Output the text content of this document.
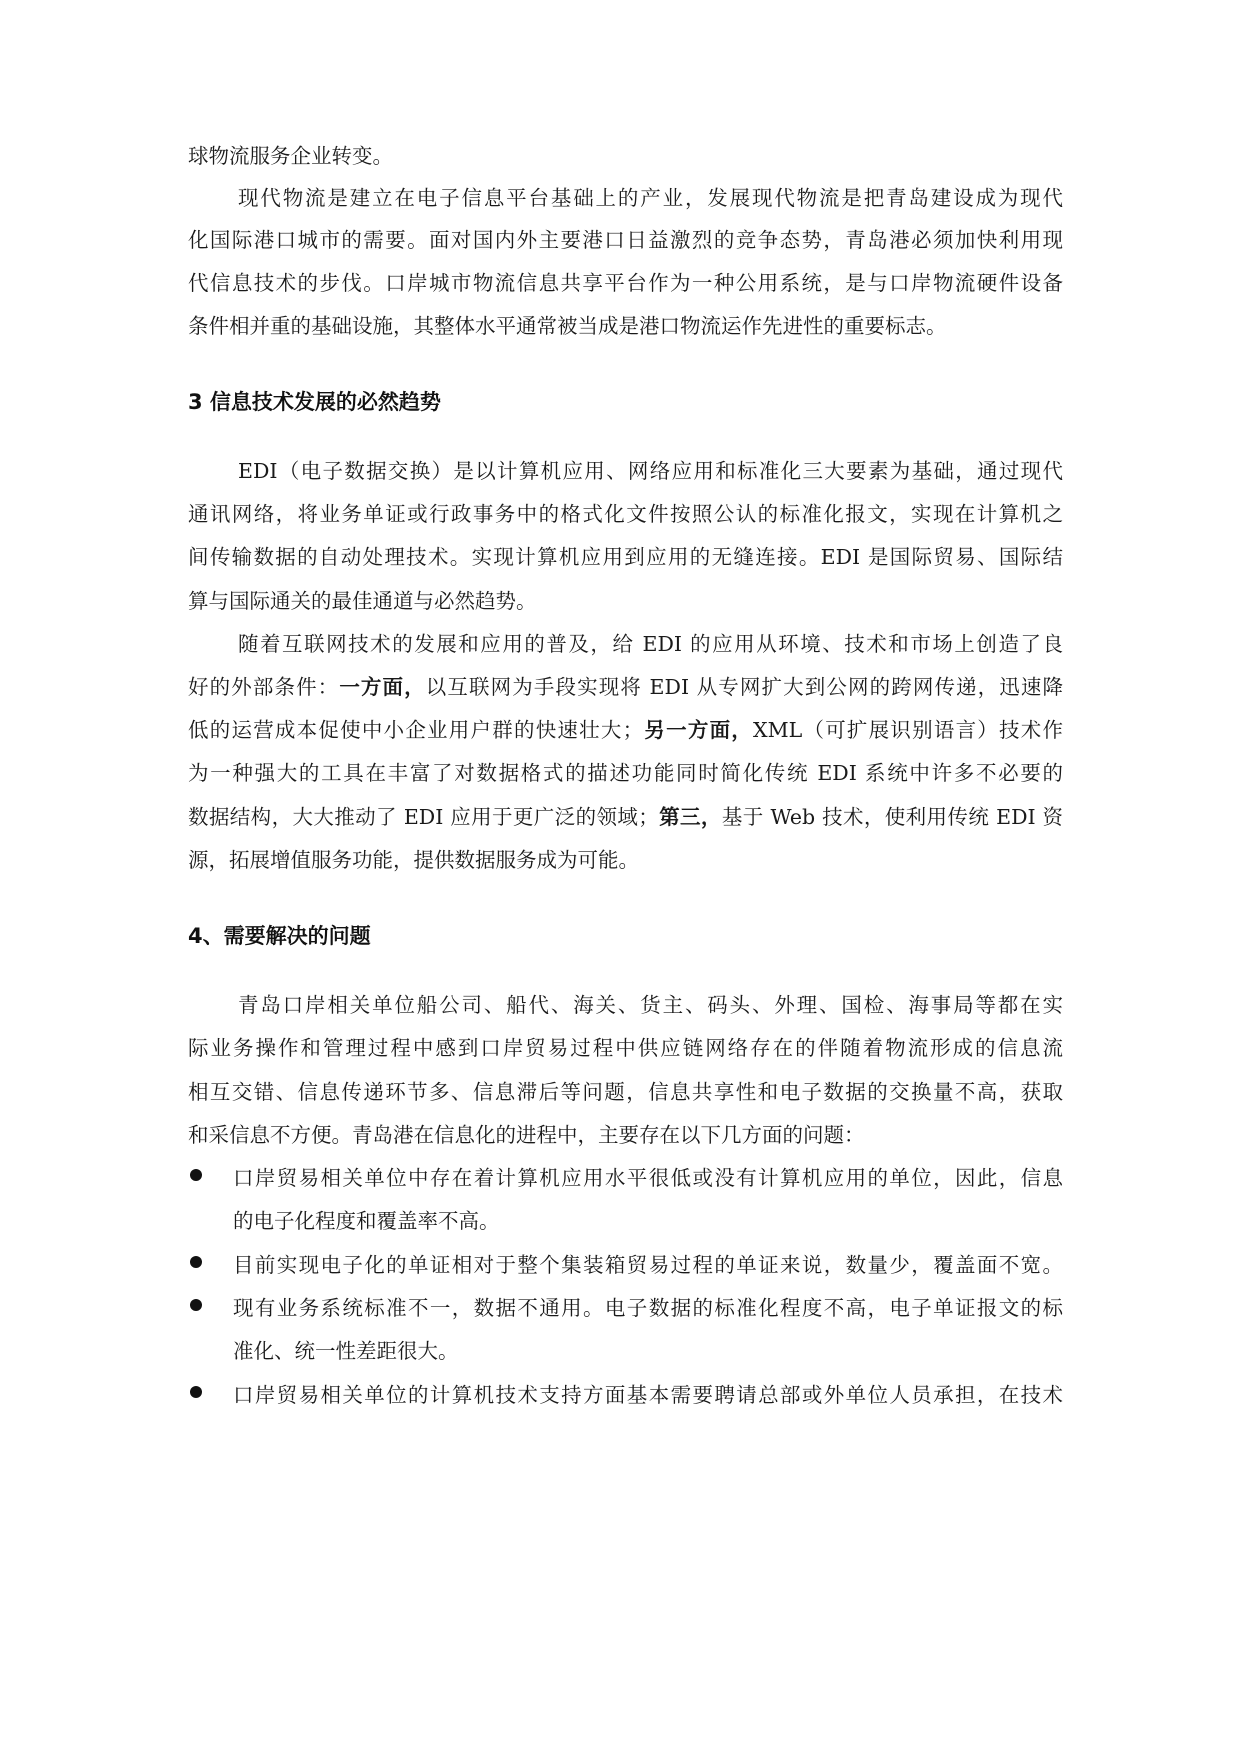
球物流服务企业转变。
现代物流是建立在电子信息平台基础上的产业，发展现代物流是把青岛建设成为现代
化国际港口城市的需要。面对国内外主要港口日益激烈的竞争态势，青岛港必须加快利用现
代信息技术的步伐。口岸城市物流信息共享平台作为一种公用系统，是与口岸物流硬件设备
条件相并重的基础设施，其整体水平通常被当成是港口物流运作先进性的重要标志。
3 信息技术发展的必然趋势
EDI（电子数据交换）是以计算机应用、网络应用和标准化三大要素为基础，通过现代
通讯网络，将业务单证或行政事务中的格式化文件按照公认的标准化报文，实现在计算机之
间传输数据的自动处理技术。实现计算机应用到应用的无缝连接。EDI 是国际贸易、国际结
算与国际通关的最佳通道与必然趋势。
随着互联网技术的发展和应用的普及，给 EDI 的应用从环境、技术和市场上创造了良
好的外部条件：一方面，以互联网为手段实现将 EDI 从专网扩大到公网的跨网传递，迅速降
低的运营成本促使中小企业用户群的快速壮大；另一方面，XML（可扩展识别语言）技术作
为一种强大的工具在丰富了对数据格式的描述功能同时简化传统 EDI 系统中许多不必要的
数据结构，大大推动了 EDI 应用于更广泛的领域；第三，基于 Web 技术，使利用传统 EDI 资
源，拓展增值服务功能，提供数据服务成为可能。
4、需要解决的问题
青岛口岸相关单位船公司、船代、海关、货主、码头、外理、国检、海事局等都在实
际业务操作和管理过程中感到口岸贸易过程中供应链网络存在的伴随着物流形成的信息流
相互交错、信息传递环节多、信息滞后等问题，信息共享性和电子数据的交换量不高，获取
和采信息不方便。青岛港在信息化的进程中，主要存在以下几方面的问题：
口岸贸易相关单位中存在着计算机应用水平很低或没有计算机应用的单位，因此，信息
的电子化程度和覆盖率不高。
目前实现电子化的单证相对于整个集装箱贸易过程的单证来说，数量少，覆盖面不宽。
现有业务系统标准不一，数据不通用。电子数据的标准化程度不高，电子单证报文的标
准化、统一性差距很大。
口岸贸易相关单位的计算机技术支持方面基本需要聘请总部或外单位人员承担，在技术
